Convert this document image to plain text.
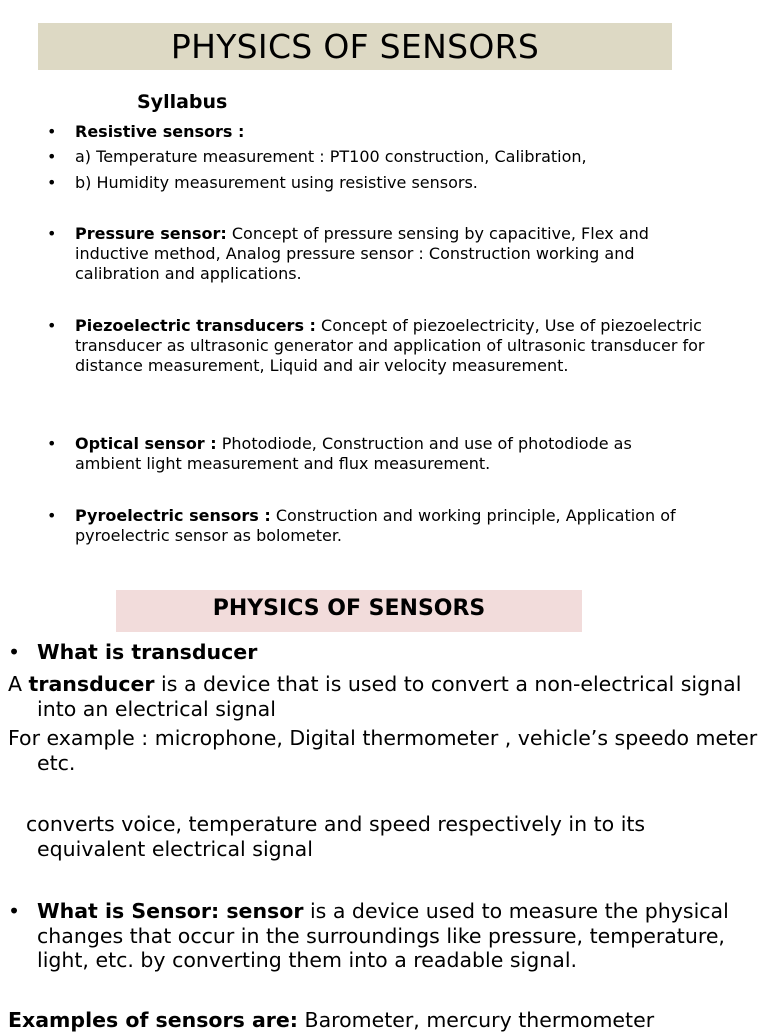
PHYSICS OF SENSORS
Syllabus
• Resistive sensors :
• a) Temperature measurement : PT100 construction, Calibration,
• b) Humidity measurement using resistive sensors.
• Pressure sensor: Concept of pressure sensing by capacitive, Flex and inductive method, Analog pressure sensor : Construction working and calibration and applications.
• Piezoelectric transducers : Concept of piezoelectricity, Use of piezoelectric transducer as ultrasonic generator and application of ultrasonic transducer for distance measurement, Liquid and air velocity measurement.
• Optical sensor : Photodiode, Construction and use of photodiode as ambient light measurement and flux measurement.
• Pyroelectric sensors : Construction and working principle, Application of pyroelectric sensor as bolometer.
PHYSICS OF SENSORS
• What is transducer
A transducer is a device that is used to convert a non-electrical signal into an electrical signal
For example : microphone, Digital thermometer , vehicle’s speedo meter etc.
converts voice, temperature and speed respectively in to its equivalent electrical signal
• What is Sensor: sensor is a device used to measure the physical changes that occur in the surroundings like pressure, temperature, light, etc. by converting them into a readable signal.
Examples of sensors are: Barometer, mercury thermometer
